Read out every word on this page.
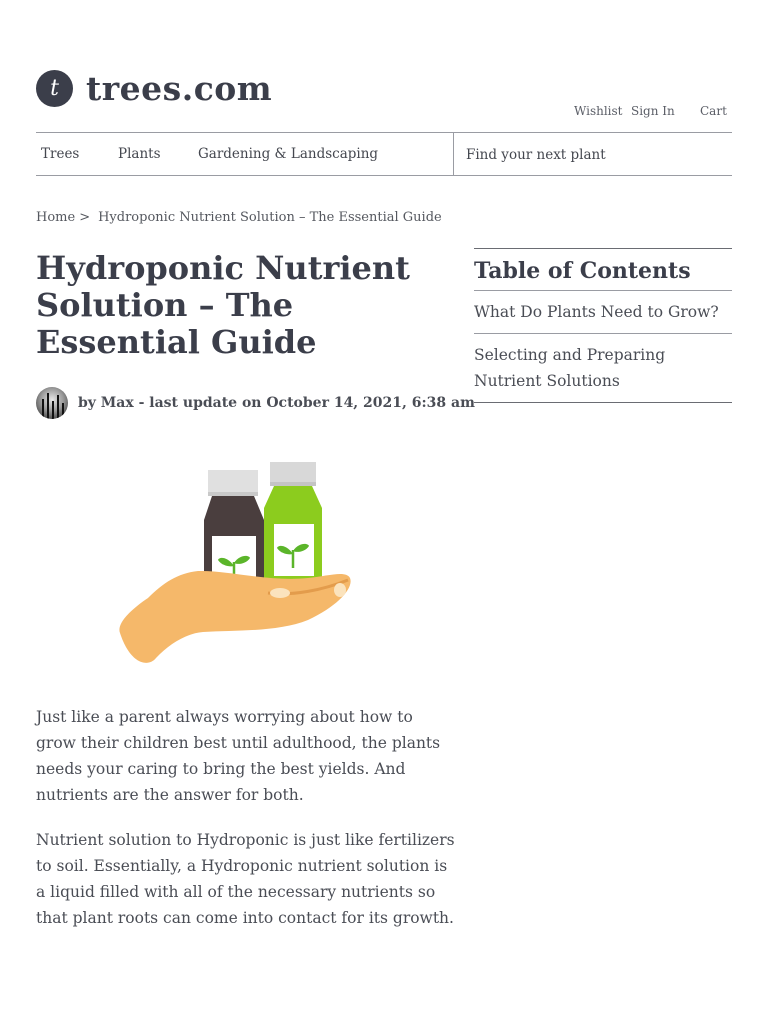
t trees.com
Wishlist Sign In Cart
Trees	Plants	Gardening & Landscaping
Find your next plant
Home > Hydroponic Nutrient Solution – The Essential Guide
Hydroponic Nutrient Solution – The Essential Guide
by Max - last update on October 14, 2021, 6:38 am

Just like a parent always worrying about how to grow their children best until adulthood, the plants needs your caring to bring the best yields. And nutrients are the answer for both.

Nutrient solution to Hydroponic is just like fertilizers to soil. Essentially, a Hydroponic nutrient solution is a liquid filled with all of the necessary nutrients so that plant roots can come into contact for its growth.

Table of Contents
What Do Plants Need to Grow?
Selecting and Preparing Nutrient Solutions
